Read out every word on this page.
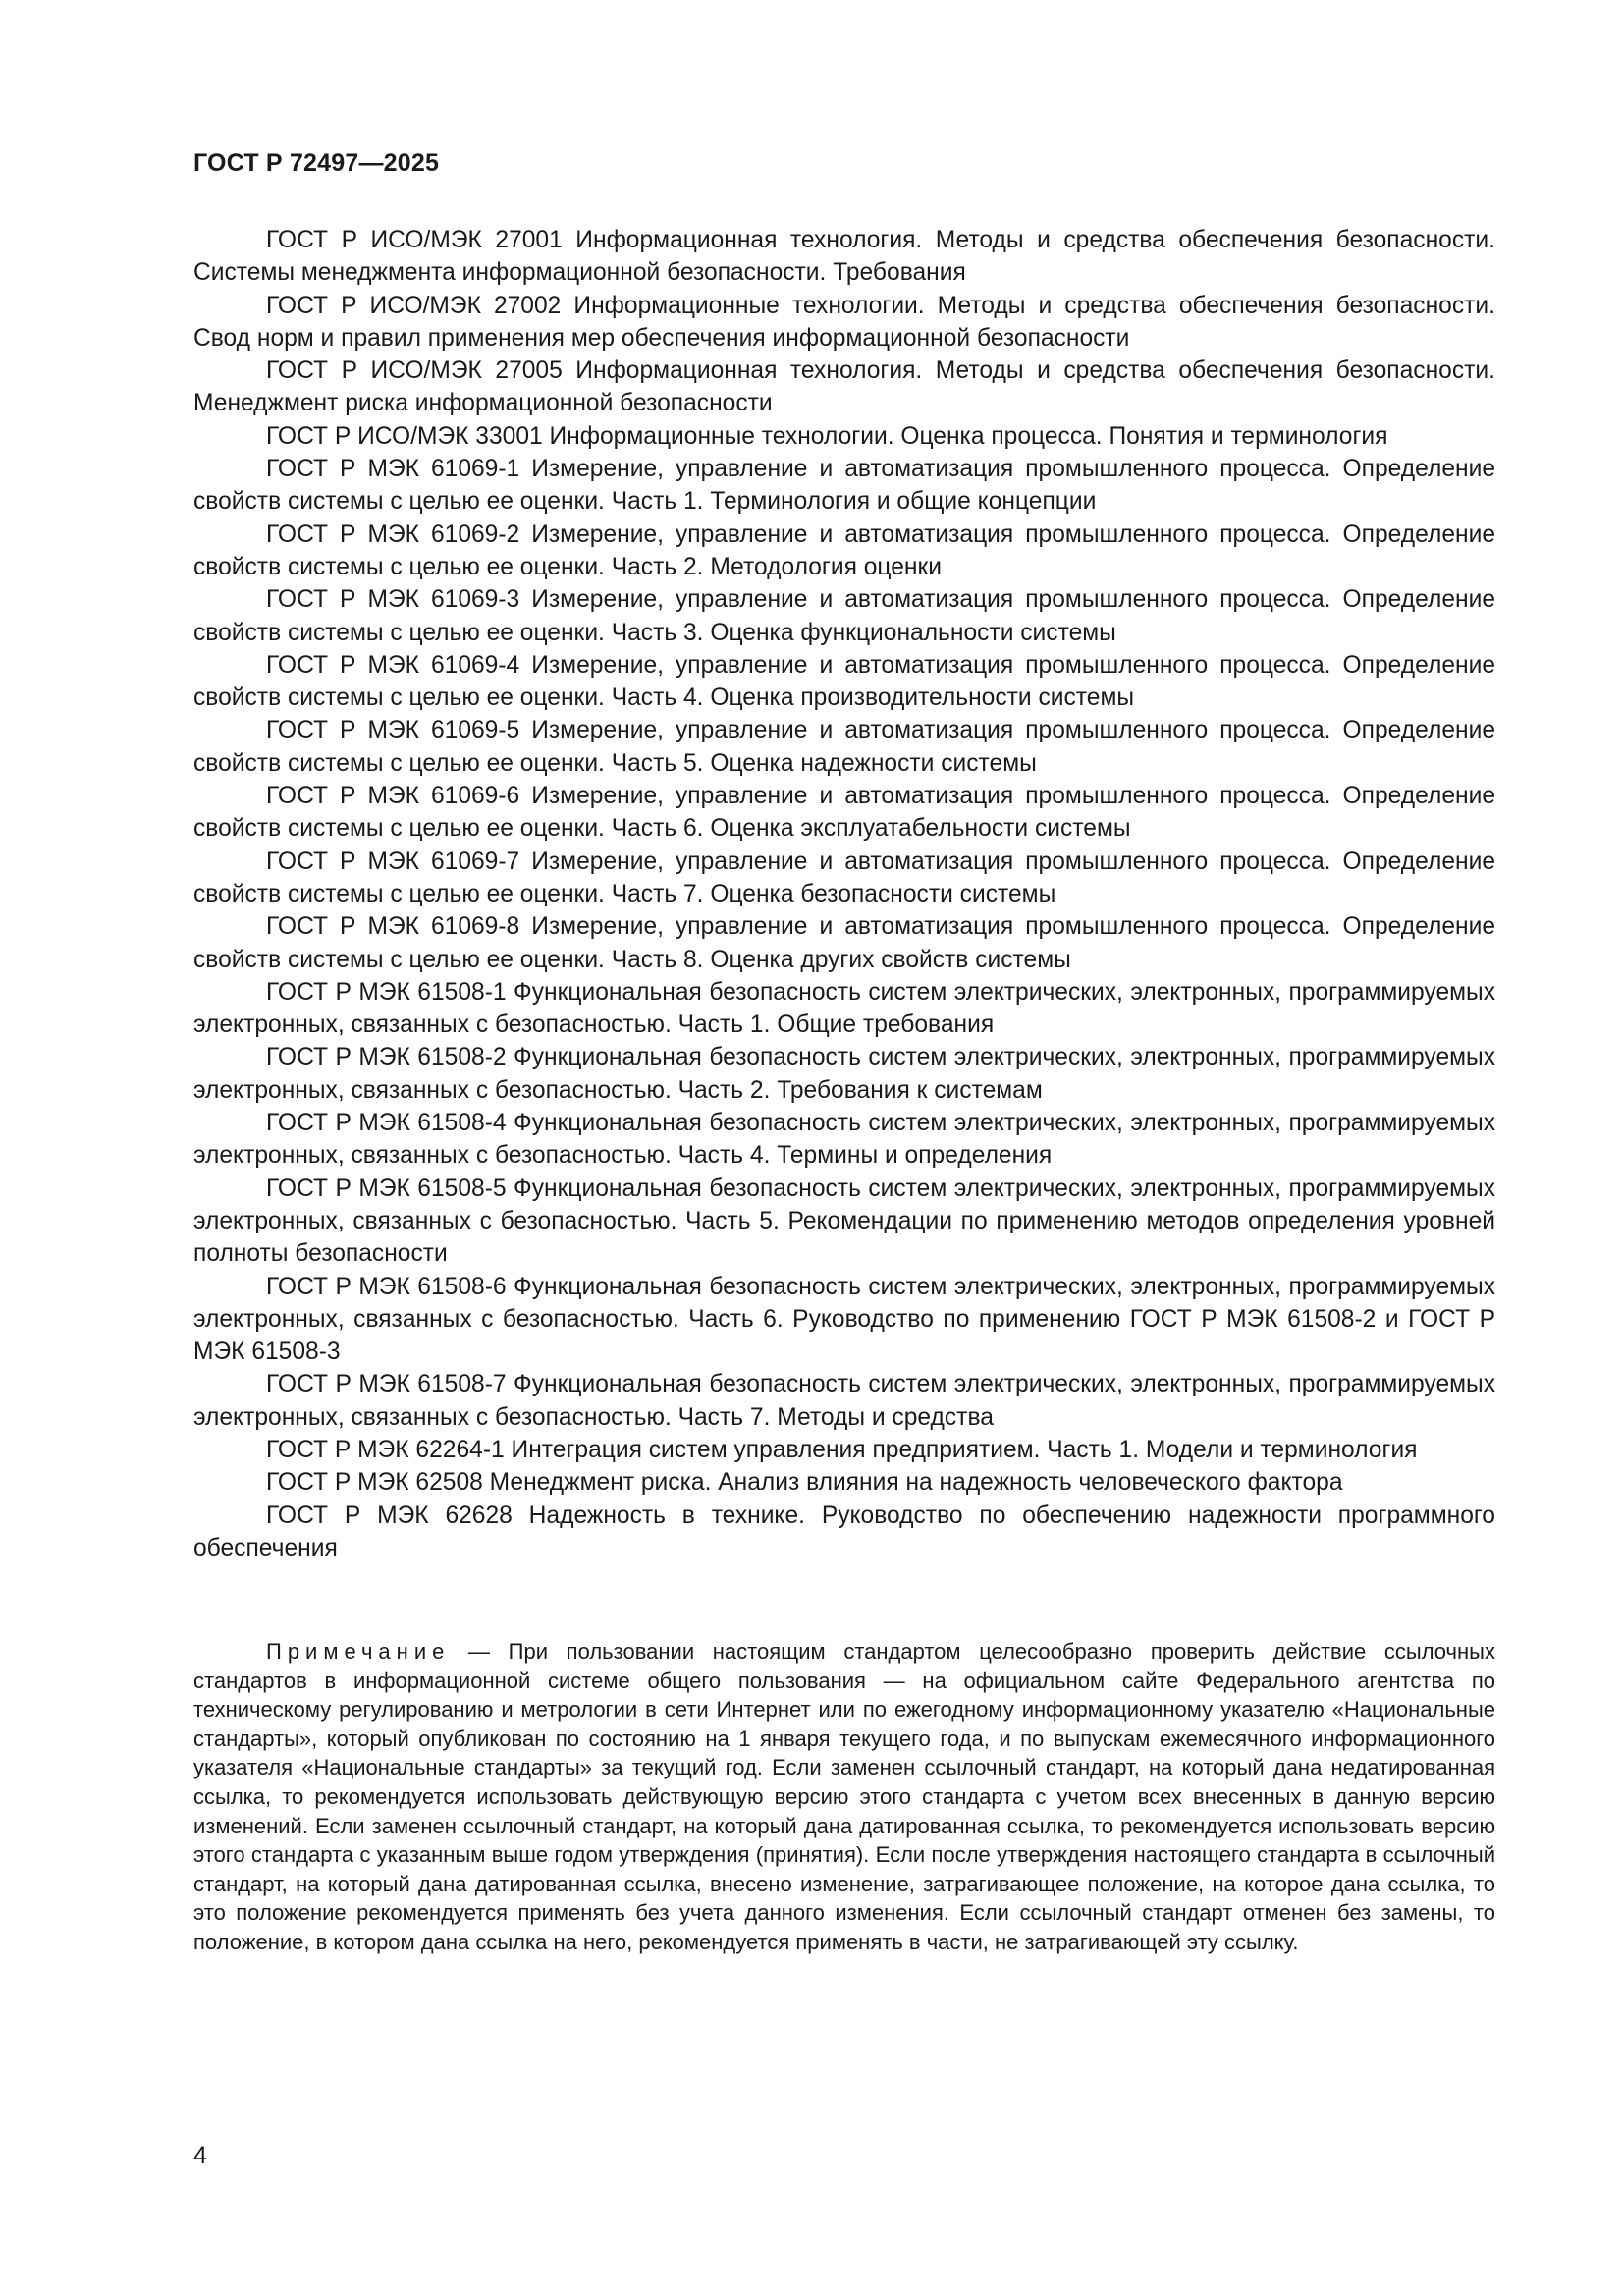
ГОСТ Р 72497—2025

ГОСТ Р ИСО/МЭК 27001 Информационная технология. Методы и средства обеспечения безопасности. Системы менеджмента информационной безопасности. Требования

ГОСТ Р ИСО/МЭК 27002 Информационные технологии. Методы и средства обеспечения безопасности. Свод норм и правил применения мер обеспечения информационной безопасности

ГОСТ Р ИСО/МЭК 27005 Информационная технология. Методы и средства обеспечения безопасности. Менеджмент риска информационной безопасности

ГОСТ Р ИСО/МЭК 33001 Информационные технологии. Оценка процесса. Понятия и терминология

ГОСТ Р МЭК 61069-1 Измерение, управление и автоматизация промышленного процесса. Определение свойств системы с целью ее оценки. Часть 1. Терминология и общие концепции

ГОСТ Р МЭК 61069-2 Измерение, управление и автоматизация промышленного процесса. Определение свойств системы с целью ее оценки. Часть 2. Методология оценки

ГОСТ Р МЭК 61069-3 Измерение, управление и автоматизация промышленного процесса. Определение свойств системы с целью ее оценки. Часть 3. Оценка функциональности системы

ГОСТ Р МЭК 61069-4 Измерение, управление и автоматизация промышленного процесса. Определение свойств системы с целью ее оценки. Часть 4. Оценка производительности системы

ГОСТ Р МЭК 61069-5 Измерение, управление и автоматизация промышленного процесса. Определение свойств системы с целью ее оценки. Часть 5. Оценка надежности системы

ГОСТ Р МЭК 61069-6 Измерение, управление и автоматизация промышленного процесса. Определение свойств системы с целью ее оценки. Часть 6. Оценка эксплуатабельности системы

ГОСТ Р МЭК 61069-7 Измерение, управление и автоматизация промышленного процесса. Определение свойств системы с целью ее оценки. Часть 7. Оценка безопасности системы

ГОСТ Р МЭК 61069-8 Измерение, управление и автоматизация промышленного процесса. Определение свойств системы с целью ее оценки. Часть 8. Оценка других свойств системы

ГОСТ Р МЭК 61508-1 Функциональная безопасность систем электрических, электронных, программируемых электронных, связанных с безопасностью. Часть 1. Общие требования

ГОСТ Р МЭК 61508-2 Функциональная безопасность систем электрических, электронных, программируемых электронных, связанных с безопасностью. Часть 2. Требования к системам

ГОСТ Р МЭК 61508-4 Функциональная безопасность систем электрических, электронных, программируемых электронных, связанных с безопасностью. Часть 4. Термины и определения

ГОСТ Р МЭК 61508-5 Функциональная безопасность систем электрических, электронных, программируемых электронных, связанных с безопасностью. Часть 5. Рекомендации по применению методов определения уровней полноты безопасности

ГОСТ Р МЭК 61508-6 Функциональная безопасность систем электрических, электронных, программируемых электронных, связанных с безопасностью. Часть 6. Руководство по применению ГОСТ Р МЭК 61508-2 и ГОСТ Р МЭК 61508-3

ГОСТ Р МЭК 61508-7 Функциональная безопасность систем электрических, электронных, программируемых электронных, связанных с безопасностью. Часть 7. Методы и средства

ГОСТ Р МЭК 62264-1 Интеграция систем управления предприятием. Часть 1. Модели и терминология

ГОСТ Р МЭК 62508 Менеджмент риска. Анализ влияния на надежность человеческого фактора

ГОСТ Р МЭК 62628 Надежность в технике. Руководство по обеспечению надежности программного обеспечения

Примечание — При пользовании настоящим стандартом целесообразно проверить действие ссылочных стандартов в информационной системе общего пользования — на официальном сайте Федерального агентства по техническому регулированию и метрологии в сети Интернет или по ежегодному информационному указателю «Национальные стандарты», который опубликован по состоянию на 1 января текущего года, и по выпускам ежемесячного информационного указателя «Национальные стандарты» за текущий год. Если заменен ссылочный стандарт, на который дана недатированная ссылка, то рекомендуется использовать действующую версию этого стандарта с учетом всех внесенных в данную версию изменений. Если заменен ссылочный стандарт, на который дана датированная ссылка, то рекомендуется использовать версию этого стандарта с указанным выше годом утверждения (принятия). Если после утверждения настоящего стандарта в ссылочный стандарт, на который дана датированная ссылка, внесено изменение, затрагивающее положение, на которое дана ссылка, то это положение рекомендуется применять без учета данного изменения. Если ссылочный стандарт отменен без замены, то положение, в котором дана ссылка на него, рекомендуется применять в части, не затрагивающей эту ссылку.

4
